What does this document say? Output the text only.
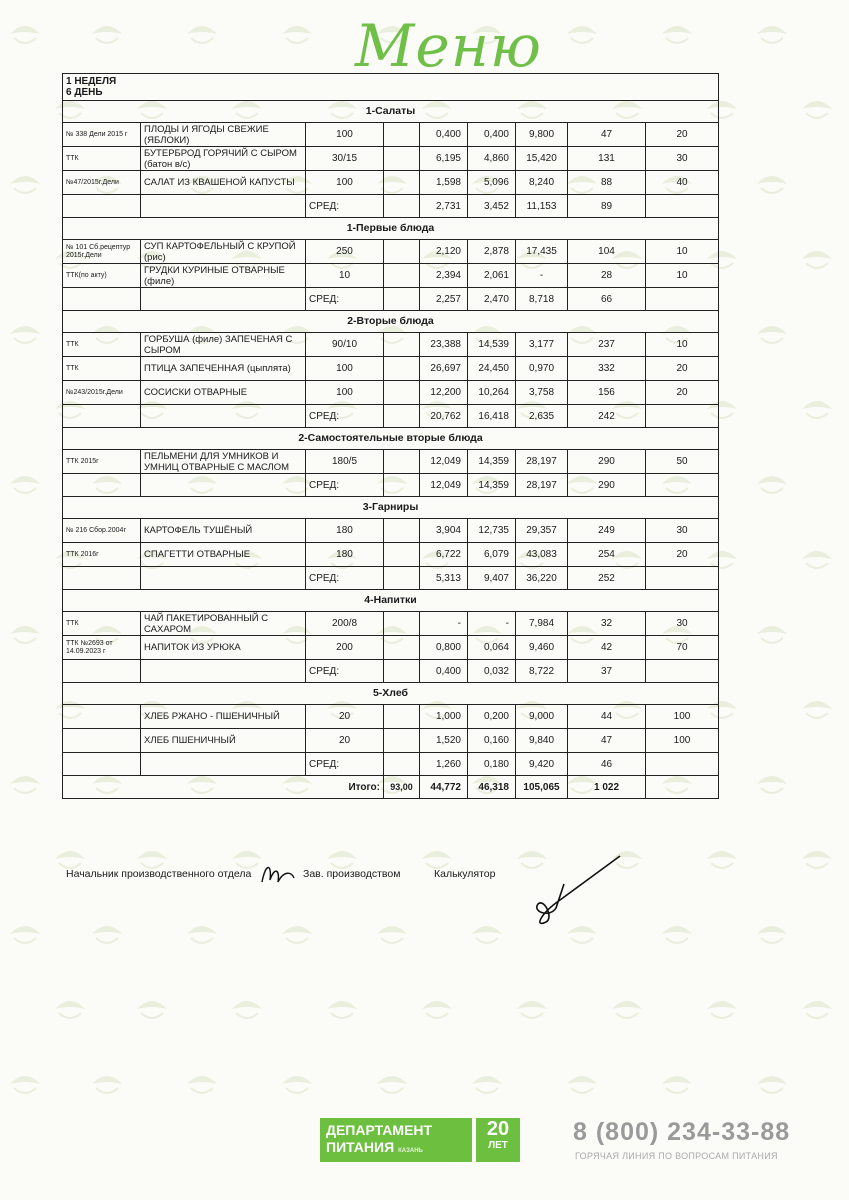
Меню
1 НЕДЕЛЯ
6 ДЕНЬ								

1-Салаты								
№ 338 Дели 2015 г	ПЛОДЫ И ЯГОДЫ СВЕЖИЕ (ЯБЛОКИ)	100		0,400	0,400	9,800	47	20
ТТК	БУТЕРБРОД ГОРЯЧИЙ С СЫРОМ (батон в/с)	30/15		6,195	4,860	15,420	131	30
№47/2015г.Дели	САЛАТ ИЗ КВАШЕНОЙ КАПУСТЫ	100		1,598	5,096	8,240	88	40
		СРЕД:		2,731	3,452	11,153	89	
1-Первые блюда								
№ 101 Сб.рецептур 2015г.Дели	СУП КАРТОФЕЛЬНЫЙ С КРУПОЙ (рис)	250		2,120	2,878	17,435	104	10
ТТК(по акту)	ГРУДКИ КУРИНЫЕ ОТВАРНЫЕ (филе)	10		2,394	2,061	-	28	10
		СРЕД:		2,257	2,470	8,718	66	
2-Вторые блюда								
ТТК	ГОРБУША (филе) ЗАПЕЧЕНАЯ С СЫРОМ	90/10		23,388	14,539	3,177	237	10
ТТК	ПТИЦА ЗАПЕЧЕННАЯ (цыплята)	100		26,697	24,450	0,970	332	20
№243/2015г.Дели	СОСИСКИ ОТВАРНЫЕ	100		12,200	10,264	3,758	156	20
		СРЕД:		20,762	16,418	2,635	242	
2-Самостоятельные вторые блюда								
ТТК 2015г	ПЕЛЬМЕНИ ДЛЯ УМНИКОВ И УМНИЦ ОТВАРНЫЕ С МАСЛОМ	180/5		12,049	14,359	28,197	290	50
		СРЕД:		12,049	14,359	28,197	290	
3-Гарниры								
№ 216 Сбор.2004г	КАРТОФЕЛЬ ТУШЁНЫЙ	180		3,904	12,735	29,357	249	30
ТТК 2016г	СПАГЕТТИ ОТВАРНЫЕ	180		6,722	6,079	43,083	254	20
		СРЕД:		5,313	9,407	36,220	252	
4-Напитки								
ТТК	ЧАЙ ПАКЕТИРОВАННЫЙ С САХАРОМ	200/8		-	-	7,984	32	30
ТТК №2693 от 14.09.2023 г	НАПИТОК ИЗ УРЮКА	200		0,800	0,064	9,460	42	70
		СРЕД:		0,400	0,032	8,722	37	
5-Хлеб								
	ХЛЕБ РЖАНО - ПШЕНИЧНЫЙ	20		1,000	0,200	9,000	44	100
	ХЛЕБ ПШЕНИЧНЫЙ	20		1,520	0,160	9,840	47	100
		СРЕД:		1,260	0,180	9,420	46	
Итого:			93,00	44,772	46,318	105,065	1 022	
Начальник производственного отдела	Зав. производством	Калькулятор
ДЕПАРТАМЕНТ
ПИТАНИЯ КАЗАНЬ
20
ЛЕТ	8 (800) 234-33-88
ГОРЯЧАЯ ЛИНИЯ ПО ВОПРОСАМ ПИТАНИЯ
